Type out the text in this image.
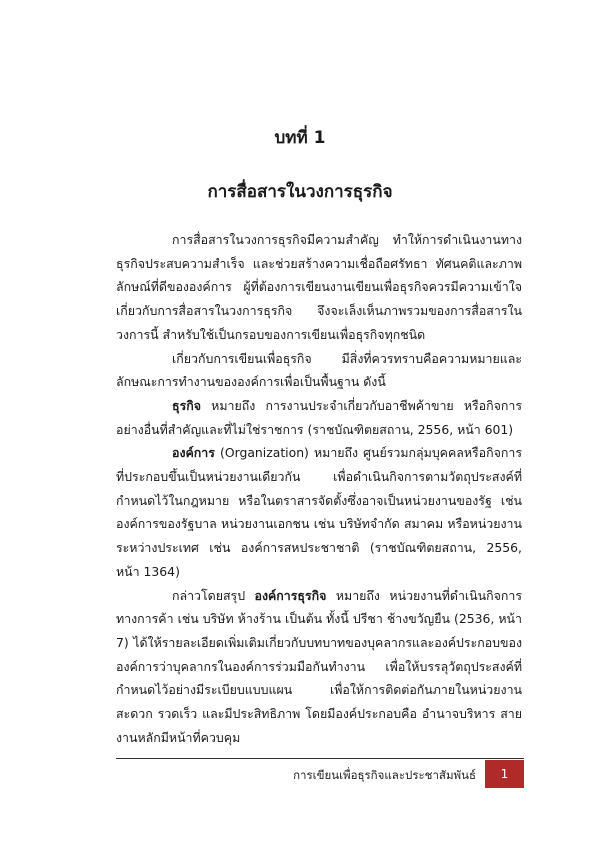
บทที่ 1
การสื่อสารในวงการธุรกิจ

การสื่อสารในวงการธุรกิจมีความสำคัญ ทำให้การดำเนินงานทางธุรกิจประสบความสำเร็จ และช่วยสร้างความเชื่อถือศรัทธา ทัศนคติและภาพลักษณ์ที่ดีขององค์การ ผู้ที่ต้องการเขียนงานเขียนเพื่อธุรกิจควรมีความเข้าใจเกี่ยวกับการสื่อสารในวงการธุรกิจ จึงจะเล็งเห็นภาพรวมของการสื่อสารในวงการนี้ สำหรับใช้เป็นกรอบของการเขียนเพื่อธุรกิจทุกชนิด

เกี่ยวกับการเขียนเพื่อธุรกิจ มีสิ่งที่ควรทราบคือความหมายและลักษณะการทำงานขององค์การเพื่อเป็นพื้นฐาน ดังนี้

ธุรกิจ หมายถึง การงานประจำเกี่ยวกับอาชีพค้าขาย หรือกิจการอย่างอื่นที่สำคัญและที่ไม่ใช่ราชการ (ราชบัณฑิตยสถาน, 2556, หน้า 601)

องค์การ (Organization) หมายถึง ศูนย์รวมกลุ่มบุคคลหรือกิจการที่ประกอบขึ้นเป็นหน่วยงานเดียวกัน เพื่อดำเนินกิจการตามวัตถุประสงค์ที่กำหนดไว้ในกฎหมาย หรือในตราสารจัดตั้งซึ่งอาจเป็นหน่วยงานของรัฐ เช่น องค์การของรัฐบาล หน่วยงานเอกชน เช่น บริษัทจำกัด สมาคม หรือหน่วยงานระหว่างประเทศ เช่น องค์การสหประชาชาติ (ราชบัณฑิตยสถาน, 2556, หน้า 1364)

กล่าวโดยสรุป องค์การธุรกิจ หมายถึง หน่วยงานที่ดำเนินกิจการทางการค้า เช่น บริษัท ห้างร้าน เป็นต้น ทั้งนี้ ปรีชา ช้างขวัญยืน (2536, หน้า 7) ได้ให้รายละเอียดเพิ่มเติมเกี่ยวกับบทบาทของบุคลากรและองค์ประกอบขององค์การว่าบุคลากรในองค์การร่วมมือกันทำงาน เพื่อให้บรรลุวัตถุประสงค์ที่กำหนดไว้อย่างมีระเบียบแบบแผน เพื่อให้การติดต่อกันภายในหน่วยงานสะดวก รวดเร็ว และมีประสิทธิภาพ โดยมีองค์ประกอบคือ อำนาจบริหาร สายงานหลักมีหน้าที่ควบคุม

การเขียนเพื่อธุรกิจและประชาสัมพันธ์	1
